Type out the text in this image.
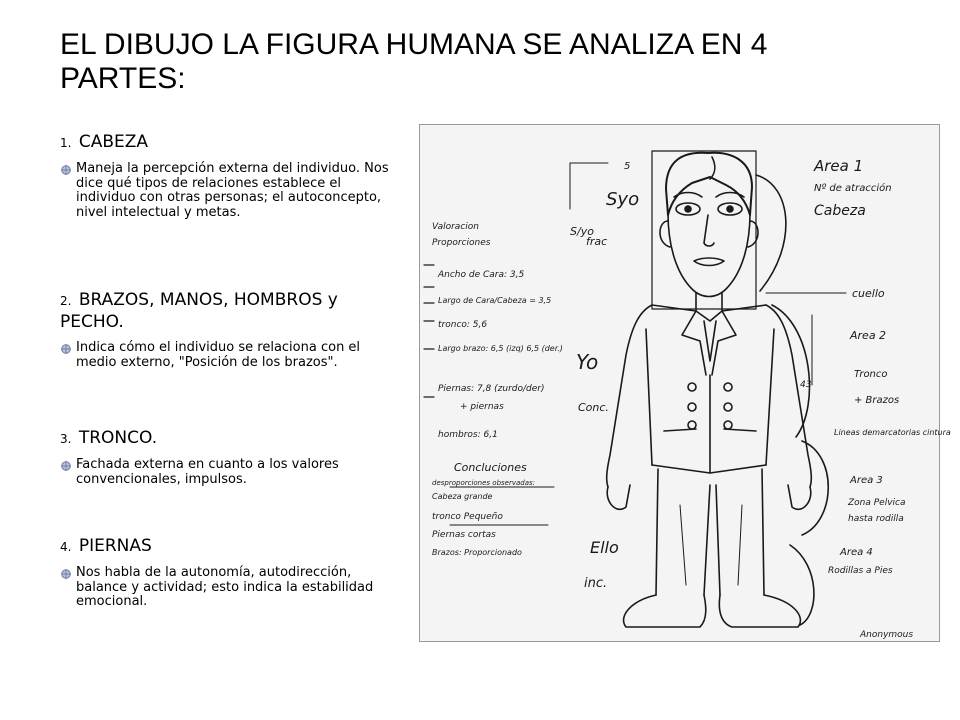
EL DIBUJO LA FIGURA HUMANA SE ANALIZA EN 4 PARTES:

1. CABEZA

Maneja la percepción externa del individuo. Nos dice qué tipos de relaciones establece el individuo con otras personas; el autoconcepto, nivel intelectual y metas.

2. BRAZOS, MANOS, HOMBROS y PECHO.

Indica cómo el individuo se relaciona con el medio externo, "Posición de los brazos".

3. TRONCO.

Fachada externa en cuanto a los valores convencionales, impulsos.

4. PIERNAS

Nos habla de la autonomía, autodirección, balance y actividad; esto indica la estabilidad emocional.
Area 1
Nº de atracción
Cabeza
Valoracion
Proporciones
Ancho de Cara: 3,5
Largo de Cara/Cabeza = 3,5
tronco: 5,6
Largo brazo: 6,5 (izq) 6,5 (der.)
Piernas: 7,8 (zurdo/der)
+ piernas
hombros: 6,1
Concluciones
desproporciones observadas:
Cabeza grande
tronco Pequeño
Piernas cortas
Brazos: Proporcionado
cuello
Area 2
Tronco
+ Brazos
Lineas demarcatorias cintura
Area 3
Zona Pelvica
hasta rodilla
Area 4
Rodillas a Pies
Syo
Yo
Ello
S/yo
frac
Conc.
inc.
5
43
Anonymous
